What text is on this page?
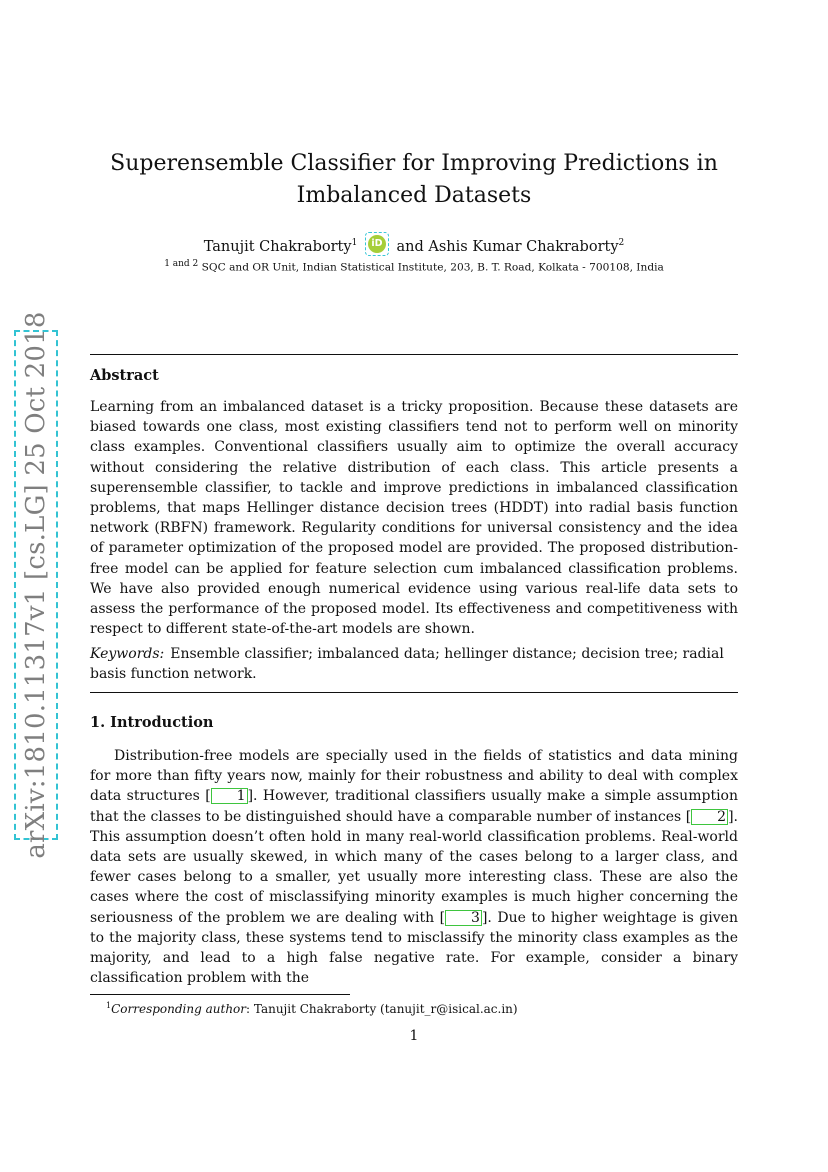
arXiv:1810.11317v1 [cs.LG] 25 Oct 2018
Superensemble Classifier for Improving Predictions in Imbalanced Datasets
Tanujit Chakraborty$^1$	iD and Ashis Kumar Chakraborty$^2$
$^{1 and 2}$ SQC and OR Unit, Indian Statistical Institute, 203, B. T. Road, Kolkata - 700108, India
Abstract

Learning from an imbalanced dataset is a tricky proposition. Because these datasets are biased towards one class, most existing classifiers tend not to perform well on minority class examples. Conventional classifiers usually aim to optimize the overall accuracy without considering the relative distribution of each class. This article presents a superensemble classifier, to tackle and improve predictions in imbalanced classification problems, that maps Hellinger distance decision trees (HDDT) into radial basis function network (RBFN) framework. Regularity conditions for universal consistency and the idea of parameter optimization of the proposed model are provided. The proposed distribution-free model can be applied for feature selection cum imbalanced classification problems. We have also provided enough numerical evidence using various real-life data sets to assess the performance of the proposed model. Its effectiveness and competitiveness with respect to different state-of-the-art models are shown.

Keywords: Ensemble classifier; imbalanced data; hellinger distance; decision tree; radial basis function network.
1. Introduction

Distribution-free models are specially used in the fields of statistics and data mining for more than fifty years now, mainly for their robustness and ability to deal with complex data structures [ 1 ]. However, traditional classifiers usually make a simple assumption that the classes to be distinguished should have a comparable number of instances [ 2 ]. This assumption doesn’t often hold in many real-world classification problems. Real-world data sets are usually skewed, in which many of the cases belong to a larger class, and fewer cases belong to a smaller, yet usually more interesting class. These are also the cases where the cost of misclassifying minority examples is much higher concerning the seriousness of the problem we are dealing with [ 3 ]. Due to higher weightage is given to the majority class, these systems tend to misclassify the minority class examples as the majority, and lead to a high false negative rate. For example, consider a binary classification problem with the

$^1$Corresponding author: Tanujit Chakraborty (tanujit_r@isical.ac.in)
1
